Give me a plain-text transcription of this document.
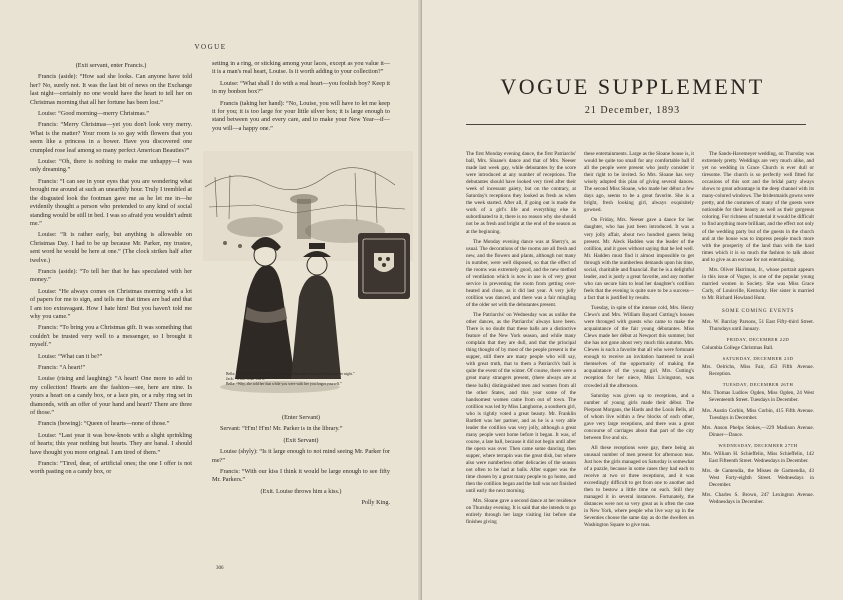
VOGUE

(Exit servant, enter Francis.)

Francis (aside): “How sad she looks. Can anyone have told her? No, surely not. It was the last bit of news on the Exchange last night—certainly no one would have the heart to tell her on Christmas morning that all her fortune has been lost.”

Louise: “Good morning—merry Christmas.”

Francis: “Merry Christmas—yet you don't look very merry. What is the matter? Your room is so gay with flowers that you seem like a princess in a bower. Have you discovered one crumpled rose leaf among so many perfect American Beauties?”

Louise: “Oh, there is nothing to make me unhappy—I was only dreaming.”

Francis: “I can see in your eyes that you are wondering what brought me around at such an unearthly hour. Truly I trembled at the disgusted look the footman gave me as he let me in—he evidently thought a person who pretended to any kind of social standing would be still in bed. I was so afraid you wouldn't admit me.”

Louise: “It is rather early, but anything is allowable on Christmas Day. I had to be up because Mr. Parker, my trustee, sent word he would be here at one.” (The clock strikes half after twelve.)

Francis (aside): “To tell her that he has speculated with her money.”

Louise: “He always comes on Christmas morning with a lot of papers for me to sign, and tells me that times are bad and that I am too extravagant. How I hate him! But you haven't told me why you came.”

Francis: “To bring you a Christmas gift. It was something that couldn't be trusted very well to a messenger, so I brought it myself.”

Louise: “What can it be?”

Francis: “A heart!”

Louise (rising and laughing): “A heart! One more to add to my collection! Hearts are the fashion—see, here are nine. Is yours a heart on a candy box, or a lace pin, or a ruby ring set in diamonds, with an offer of your hand and heart? There are three of those.”

Francis (bowing): “Queen of hearts—none of those.”

Louise: “Last year it was bow-knots with a slight sprinkling of hearts; this year nothing but hearts. They are banal. I should have thought you more original. I am tired of them.”

Francis: “Tired, dear, of artificial ones; the one I offer is not worth pasting on a candy box, or

setting in a ring, or sticking among your laces, except as you value it—it is a man's real heart, Louise. Is it worth adding to your collection?”

Louise: “What shall I do with a real heart—you foolish boy? Keep it in my bonbon box?”

Francis (taking her hand): “No, Louise, you will have to let me keep it for you; it is too large for your little silver box; it is large enough to stand between you and every care, and to make your New Year—if—you will—a happy one.”

Bella: “There's Blanche Fleury. I understand that she refreased a house in her night.”
Jack: “What! what was it?”
Bella: “Why, she told her that while you were with her you forgot yourself.”

(Enter Servant)

Servant: “H'm! H'm! Mr. Parker is in the library.”

(Exit Servant)

Louise (shyly): “Is it large enough to not mind seeing Mr. Parker for me?”

Francis: “With our kiss I think it would be large enough to see fifty Mr. Parkers.”

(Exit. Louise throws him a kiss.)

Polly King.

306
VOGUE SUPPLEMENT
21 December, 1893

The first Monday evening dance, the first Patriarchs' ball, Mrs. Sloane's dance and that of Mrs. Neeser made last week gay, while debutantes by the score were introduced at any number of receptions. The debutantes should have looked very tired after their week of incessant gaiety, but on the contrary, at Saturday's receptions they looked as fresh as when the week started. After all, if going out is made the work of a girl's life and everything else is subordinated to it, there is no reason why she should not be as fresh and bright at the end of the season as at the beginning.

The Monday evening dance was at Sherry's, as usual. The decorations of the rooms are all fresh and new, and the flowers and plants, although not many in number, were well disposed, so that the effect of the rooms was extremely good, and the new method of ventilation which is now in use is of very great service in preventing the room from getting over-heated and close, as it did last year. A very jolly cotillion was danced, and there was a fair mingling of the older set with the debutantes present.

The Patriarchs' on Wednesday was as unlike the other dances, as the Patriarchs' always have been. There is no doubt that these balls are a distinctive feature of the New York season, and while many complain that they are dull, and that the principal thing thought of by most of the people present is the supper, still there are many people who will say, with great truth, that to them a Patriarch's ball is quite the event of the winter. Of course, there were a great many strangers present, (there always are at these balls) distinguished men and women from all the other States, and this year some of the handsomest women came from out of town. The cotillion was led by Miss Langhorne, a southern girl, who is rightly voted a great beauty. Mr. Franklin Bartlett was her partner, and as he is a very able leader the cotillion was very jolly, although a great many people went home before it began. It was, of course, a late ball, because it did not begin until after the opera was over. Then came some dancing, then supper, where terrapin was the great dish, but where also were numberless other delicacies of the season not often to be had at balls. After supper was the time chosen by a great many people to go home, and then the cotillion began and the ball was not finished until early the next morning.

Mrs. Sloane gave a second dance at her residence on Thursday evening. It is said that she intends to go entirely through her large visiting list before she finishes giving

these entertainments. Large as the Sloane house is, it would be quite too small for any comfortable ball if all the people were present who justly consider it their right to be invited. So Mrs. Sloane has very wisely adopted this plan of giving several dances. The second Miss Sloane, who made her début a few days ago, seems to be a great favorite. She is a bright, fresh looking girl, always exquisitely gowned.

On Friday, Mrs. Neeser gave a dance for her daughter, who has just been introduced. It was a very jolly affair, about two hundred guests being present. Mr. Aleck Hadden was the leader of the cotillion, and it goes without saying that he led well. Mr. Hadden must find it almost impossible to get through with the numberless demands upon his time, social, charitable and financial. But he is a delightful leader, and is justly a great favorite, and any mother who can secure him to lead her daughter's cotillion feels that the evening is quite sure to be a success—a fact that is justified by results.

Tuesday, in spite of the intense cold, Mrs. Henry Clews's and Mrs. William Bayard Cutting's houses were thronged with guests who came to make the acquaintance of the fair young débutantes. Miss Clews made her début at Newport this summer, but she has not gone about very much this autumn. Mrs. Clewes is such a favorite that all who were fortunate enough to receive an invitation hastened to avail themselves of the opportunity of making the acquaintance of the young girl. Mrs. Cutting's reception for her niece, Miss Livingston, was crowded all the afternoon.

Saturday was given up to receptions, and a number of young girls made their début. The Pierpont Morgans, the Hards and the Louis Bells, all of whom live within a few blocks of each other, gave very large receptions, and there was a great concourse of carriages about that part of the city between five and six.

All these receptions were gay, there being an unusual number of men present for afternoon teas. Just how the girls managed on Saturday is somewhat of a puzzle, because in some cases they had each to receive at two or three receptions, and it was exceedingly difficult to get from one to another and then to bestow a little time on each. Still they managed it in several instances. Fortunately, the distances were not so very great as is often the case in New York, where people who live way up in the Seventies choose the same day as do the dwellers on Washington Square to give teas.

The Sands-Havemeyer wedding, on Thursday was extremely pretty. Weddings are very much alike, and yet no wedding in Grace Church is ever dull or tiresome. The church is so perfectly well fitted for occasions of this sort and the bridal party always shows to great advantage in the deep channel with its many-colored windows. The bridesmaids gowns were pretty, and the costumes of many of the guests were noticeable for their beauty as well as their gorgeous coloring. For richness of material it would be difficult to find anything more brilliant, and the effect not only of the wedding party but of the guests in the church and at the house was to impress people much more with the prosperity of the land than with the hard times which it is so much the fashion to talk about and to give as an excuse for not entertaining.

Mrs. Oliver Harriman, Jr., whose portrait appears in this issue of Vogue, is one of the popular young married women in Society. She was Miss Grace Carly, of Louisville, Kentucky. Her sister is married to Mr. Richard Howland Hunt.

SOME COMING EVENTS

Mrs. W. Barclay Parsons, 51 East Fifty-third Street. Thursdays until January.

FRIDAY, DECEMBER 22D

Columbia College Christmas Ball.

SATURDAY, DECEMBER 23D

Mrs. Oelrichs, Miss Fair, 453 Fifth Avenue. Reception.

TUESDAY, DECEMBER 26TH

Mrs. Thomas Ludlow Ogden, Miss Ogden, 24 West Seventeenth Street. Tuesdays in December.

Mrs. Austin Corbin, Miss Corbin, 415 Fifth Avenue. Tuesdays in December.

Mrs. Anson Phelps Stokes,—229 Madison Avenue. Dinner—Dance.

WEDNESDAY, DECEMBER 27TH

Mrs. William H. Schieffelin, Miss Schieffelin, 142 East Fifteenth Street. Wednesdays in December.

Mrs. de Gamendia, the Misses de Garmendia, 43 West Forty-eighth Street. Wednesdays in December.

Mrs. Charles S. Brown, 247 Lexington Avenue. Wednesdays in December.
